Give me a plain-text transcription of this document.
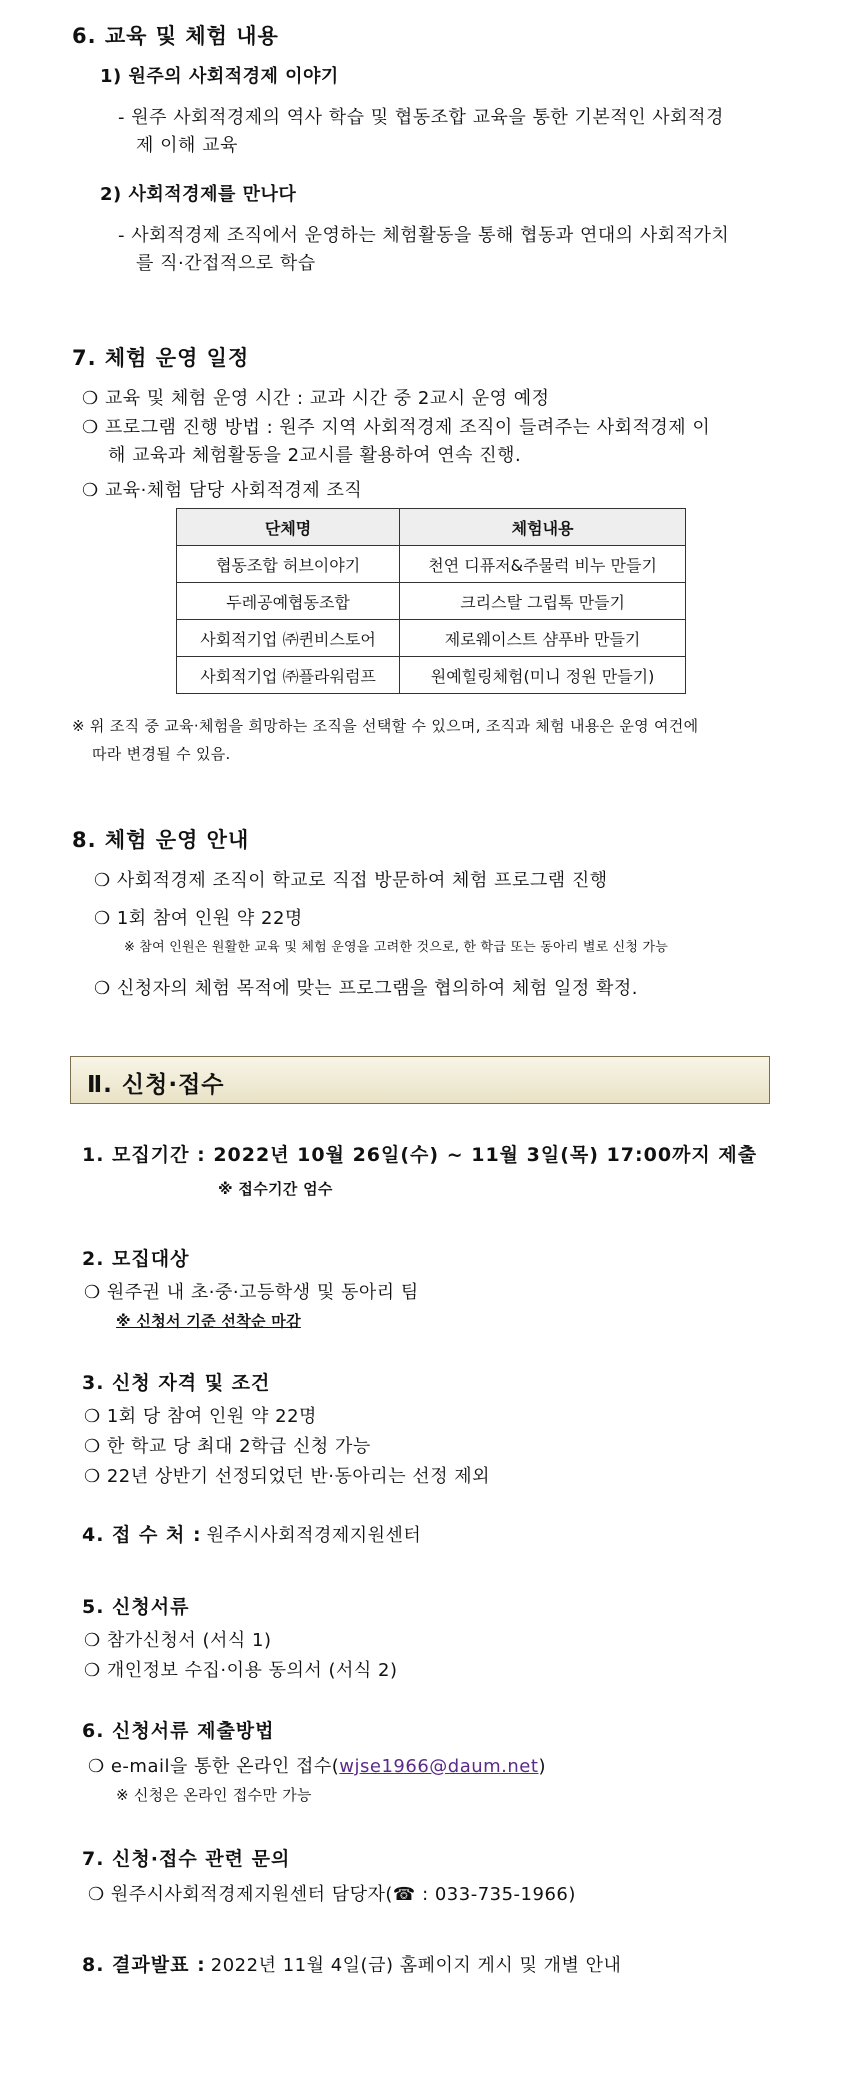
6. 교육 및 체험 내용
1) 원주의 사회적경제 이야기
- 원주 사회적경제의 역사 학습 및 협동조합 교육을 통한 기본적인 사회적경
제 이해 교육
2) 사회적경제를 만나다
- 사회적경제 조직에서 운영하는 체험활동을 통해 협동과 연대의 사회적가치
를 직·간접적으로 학습
7. 체험 운영 일정
❍ 교육 및 체험 운영 시간 : 교과 시간 중 2교시 운영 예정
❍ 프로그램 진행 방법 : 원주 지역 사회적경제 조직이 들려주는 사회적경제 이
해 교육과 체험활동을 2교시를 활용하여 연속 진행.
❍ 교육·체험 담당 사회적경제 조직
단체명	체험내용
협동조합 허브이야기	천연 디퓨저&주물럭 비누 만들기
두레공예협동조합	크리스탈 그립톡 만들기
사회적기업 ㈜퀸비스토어	제로웨이스트 샴푸바 만들기
사회적기업 ㈜플라워럼프	원예힐링체험(미니 정원 만들기)
※ 위 조직 중 교육·체험을 희망하는 조직을 선택할 수 있으며, 조직과 체험 내용은 운영 여건에
따라 변경될 수 있음.
8. 체험 운영 안내
❍ 사회적경제 조직이 학교로 직접 방문하여 체험 프로그램 진행
❍ 1회 참여 인원 약 22명
※ 참여 인원은 원활한 교육 및 체험 운영을 고려한 것으로, 한 학급 또는 동아리 별로 신청 가능
❍ 신청자의 체험 목적에 맞는 프로그램을 협의하여 체험 일정 확정.
Ⅱ. 신청·접수
1. 모집기간 : 2022년 10월 26일(수) ~ 11월 3일(목) 17:00까지 제출
※ 접수기간 엄수
2. 모집대상
❍ 원주권 내 초·중·고등학생 및 동아리 팀
※ 신청서 기준 선착순 마감
3. 신청 자격 및 조건
❍ 1회 당 참여 인원 약 22명
❍ 한 학교 당 최대 2학급 신청 가능
❍ 22년 상반기 선정되었던 반·동아리는 선정 제외
4. 접 수 처 : 원주시사회적경제지원센터
5. 신청서류
❍ 참가신청서 (서식 1)
❍ 개인정보 수집·이용 동의서 (서식 2)
6. 신청서류 제출방법
❍ e-mail을 통한 온라인 접수(wjse1966@daum.net)
※ 신청은 온라인 접수만 가능
7. 신청·접수 관련 문의
❍ 원주시사회적경제지원센터 담당자(☎ : 033-735-1966)
8. 결과발표 : 2022년 11월 4일(금) 홈페이지 게시 및 개별 안내
